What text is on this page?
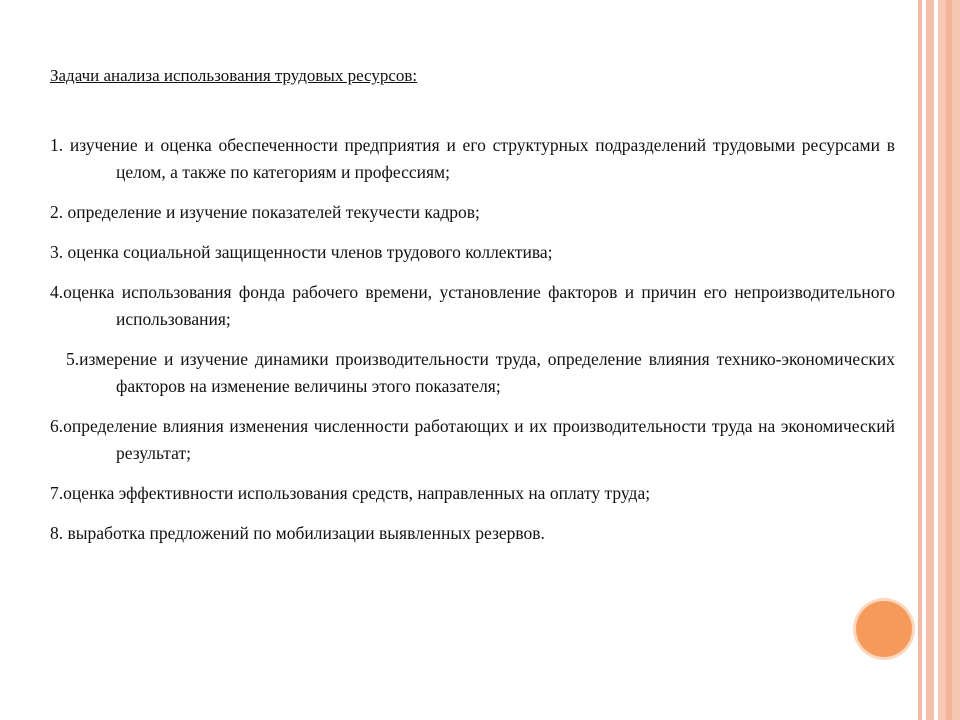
Задачи анализа использования трудовых ресурсов:

1. изучение и оценка обеспеченности предприятия и его структурных подразделений трудовыми ресурсами в целом, а также по категориям и профессиям;

2. определение и изучение показателей текучести кадров;

3. оценка социальной защищенности членов трудового коллектива;

4.оценка использования фонда рабочего времени, установление факторов и причин его непроизводительного использования;

5.измерение и изучение динамики производительности труда, определение влияния технико-экономических факторов на изменение величины этого показателя;

6.определение влияния изменения численности работающих и их производительности труда на экономический результат;

7.оценка эффективности использования средств, направленных на оплату труда;

8. выработка предложений по мобилизации выявленных резервов.
